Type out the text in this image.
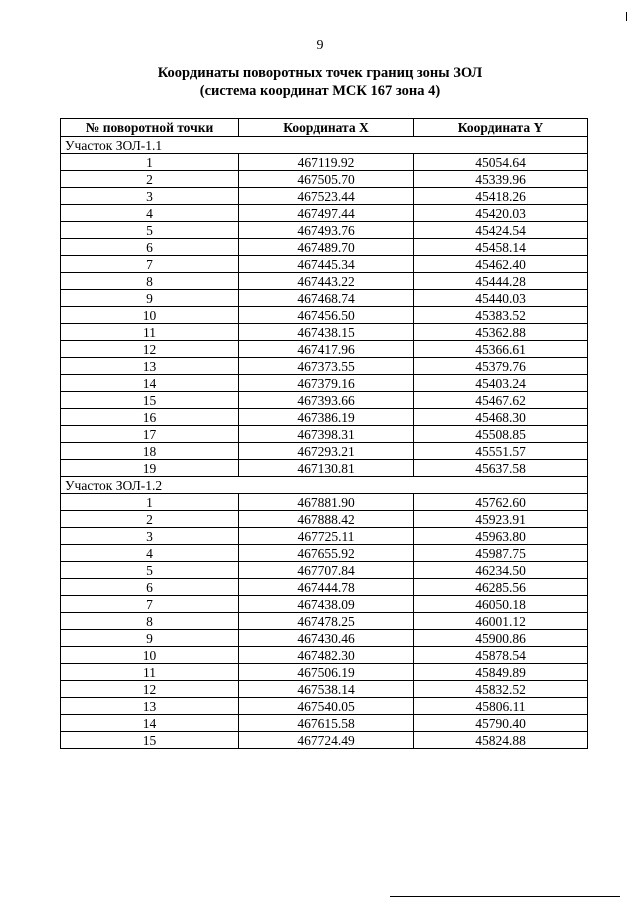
9
Координаты поворотных точек границ зоны ЗОЛ
(система координат МСК 167 зона 4)
№ поворотной точки	Координата X	Координата Y
Участок ЗОЛ-1.1		
1	467119.92	45054.64
2	467505.70	45339.96
3	467523.44	45418.26
4	467497.44	45420.03
5	467493.76	45424.54
6	467489.70	45458.14
7	467445.34	45462.40
8	467443.22	45444.28
9	467468.74	45440.03
10	467456.50	45383.52
11	467438.15	45362.88
12	467417.96	45366.61
13	467373.55	45379.76
14	467379.16	45403.24
15	467393.66	45467.62
16	467386.19	45468.30
17	467398.31	45508.85
18	467293.21	45551.57
19	467130.81	45637.58
Участок ЗОЛ-1.2		
1	467881.90	45762.60
2	467888.42	45923.91
3	467725.11	45963.80
4	467655.92	45987.75
5	467707.84	46234.50
6	467444.78	46285.56
7	467438.09	46050.18
8	467478.25	46001.12
9	467430.46	45900.86
10	467482.30	45878.54
11	467506.19	45849.89
12	467538.14	45832.52
13	467540.05	45806.11
14	467615.58	45790.40
15	467724.49	45824.88
